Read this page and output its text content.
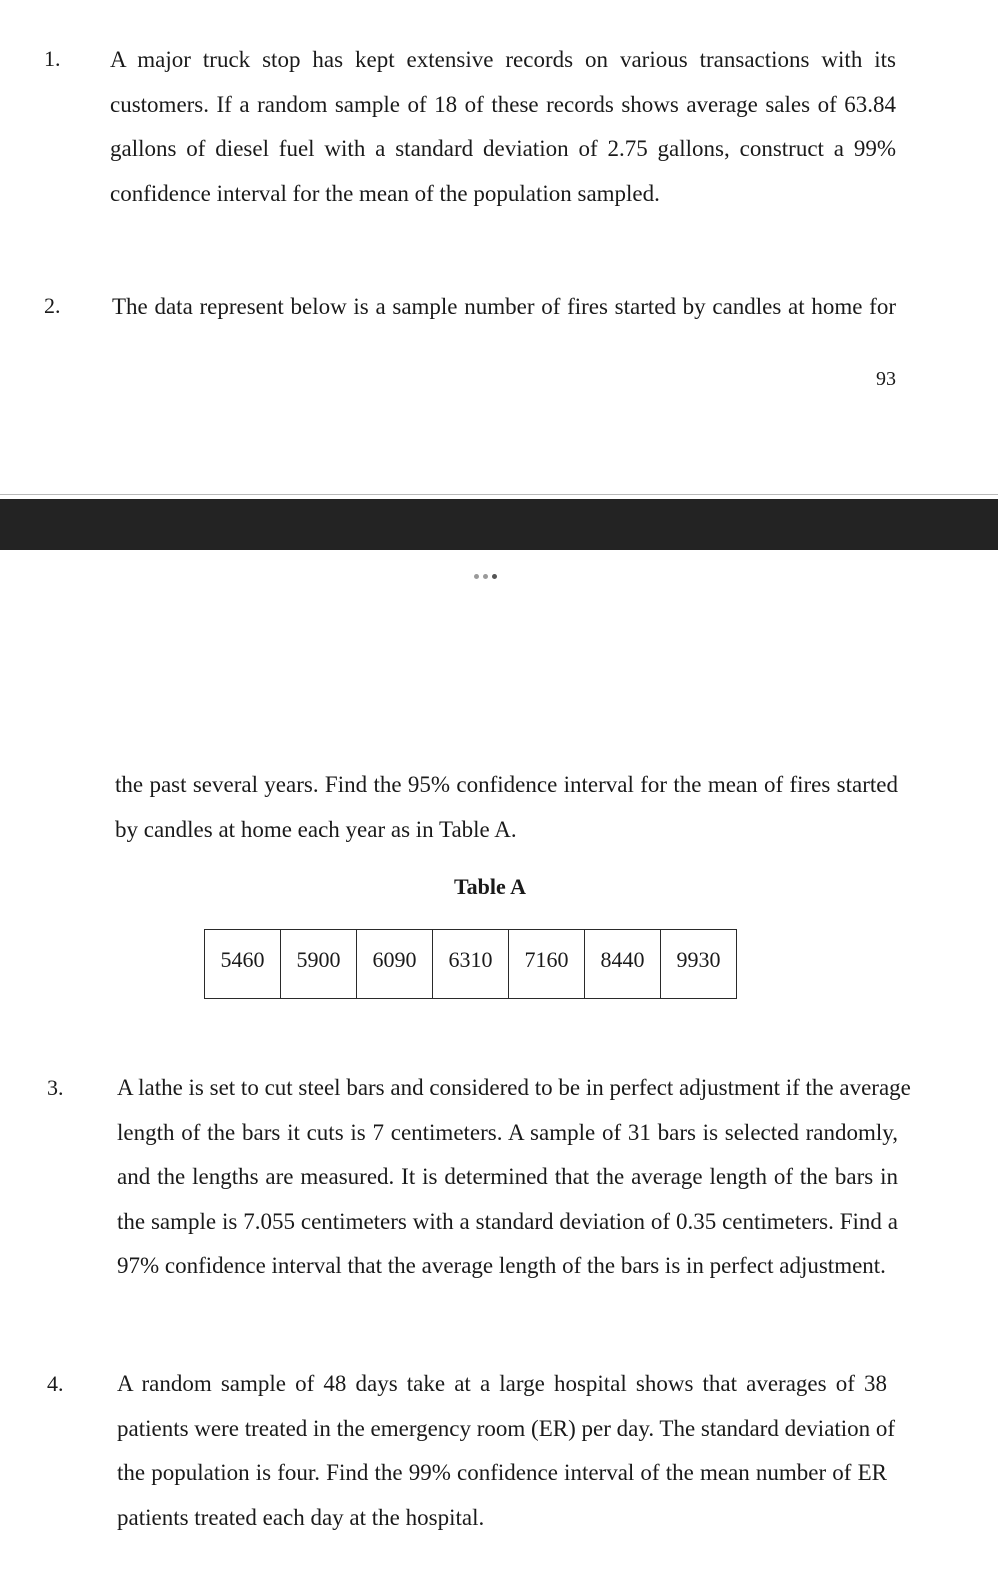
1. A major truck stop has kept extensive records on various transactions with its
customers. If a random sample of 18 of these records shows average sales of 63.84
gallons of diesel fuel with a standard deviation of 2.75 gallons, construct a 99%
confidence interval for the mean of the population sampled.
2. The data represent below is a sample number of fires started by candles at home for
93
the past several years. Find the 95% confidence interval for the mean of fires started
by candles at home each year as in Table A.
Table A
5460	5900	6090	6310	7160	8440	9930
3. A lathe is set to cut steel bars and considered to be in perfect adjustment if the average
length of the bars it cuts is 7 centimeters. A sample of 31 bars is selected randomly,
and the lengths are measured. It is determined that the average length of the bars in
the sample is 7.055 centimeters with a standard deviation of 0.35 centimeters. Find a
97% confidence interval that the average length of the bars is in perfect adjustment.
4. A random sample of 48 days take at a large hospital shows that averages of 38
patients were treated in the emergency room (ER) per day. The standard deviation of
the population is four. Find the 99% confidence interval of the mean number of ER
patients treated each day at the hospital.
